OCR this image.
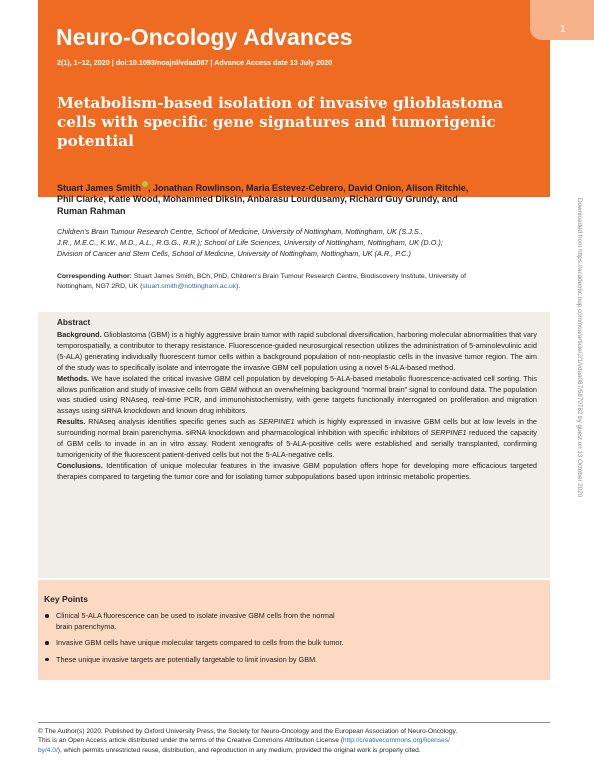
1
Neuro-Oncology Advances
2(1), 1–12, 2020 | doi:10.1093/noajnl/vdaa087 | Advance Access date 13 July 2020
Metabolism-based isolation of invasive glioblastoma cells with specific gene signatures and tumorigenic potential
Stuart James Smith , Jonathan Rowlinson, Maria Estevez-Cebrero, David Onion, Alison Ritchie,
Phil Clarke, Katie Wood, Mohammed Diksin, Anbarasu Lourdusamy, Richard Guy Grundy, and
Ruman Rahman
Children's Brain Tumour Research Centre, School of Medicine, University of Nottingham, Nottingham, UK (S.J.S.,
J.R., M.E.C., K.W., M.D., A.L., R.G.G., R.R.); School of Life Sciences, University of Nottingham, Nottingham, UK (D.O.);
Division of Cancer and Stem Cells, School of Medicine, University of Nottingham, Nottingham, UK (A.R., P.C.)
Corresponding Author: Stuart James Smith, BCh, PhD, Children's Brain Tumour Research Centre, Biodiscovery Institute, University of
Nottingham, NG7 2RD, UK (stuart.smith@nottingham.ac.uk).
Abstract

Background. Glioblastoma (GBM) is a highly aggressive brain tumor with rapid subclonal diversification, harboring molecular abnormalities that vary temporospatially, a contributor to therapy resistance. Fluorescence-guided neurosurgical resection utilizes the administration of 5-aminolevulinic acid (5-ALA) generating individually fluorescent tumor cells within a background population of non-neoplastic cells in the invasive tumor region. The aim of the study was to specifically isolate and interrogate the invasive GBM cell population using a novel 5-ALA-based method.

Methods. We have isolated the critical invasive GBM cell population by developing 5-ALA-based metabolic fluorescence-activated cell sorting. This allows purification and study of invasive cells from GBM without an overwhelming background “normal brain” signal to confound data. The population was studied using RNAseq, real-time PCR, and immunohistochemistry, with gene targets functionally interrogated on proliferation and migration assays using siRNA knockdown and known drug inhibitors.

Results. RNAseq analysis identifies specific genes such as SERPINE1 which is highly expressed in invasive GBM cells but at low levels in the surrounding normal brain parenchyma. siRNA knockdown and pharmacological inhibition with specific inhibitors of SERPINE1 reduced the capacity of GBM cells to invade in an in vitro assay. Rodent xenografts of 5-ALA-positive cells were established and serially transplanted, confirming tumorigenicity of the fluorescent patient-derived cells but not the 5-ALA-negative cells.

Conclusions. Identification of unique molecular features in the invasive GBM population offers hope for developing more efficacious targeted therapies compared to targeting the tumor core and for isolating tumor subpopulations based upon intrinsic metabolic properties.

Key Points
Clinical 5-ALA fluorescence can be used to isolate invasive GBM cells from the normal
brain parenchyma.
Invasive GBM cells have unique molecular targets compared to cells from the bulk tumor.
These unique invasive targets are potentially targetable to limit invasion by GBM.
© The Author(s) 2020. Published by Oxford University Press, the Society for Neuro-Oncology and the European Association of Neuro-Oncology.
This is an Open Access article distributed under the terms of the Creative Commons Attribution License (http://creativecommons.org/licenses/
by/4.0/), which permits unrestricted reuse, distribution, and reproduction in any medium, provided the original work is properly cited.
Downloaded from https://academic.oup.com/noa/article/2/1/vdaa087/5870782 by guest on 13 October 2020
